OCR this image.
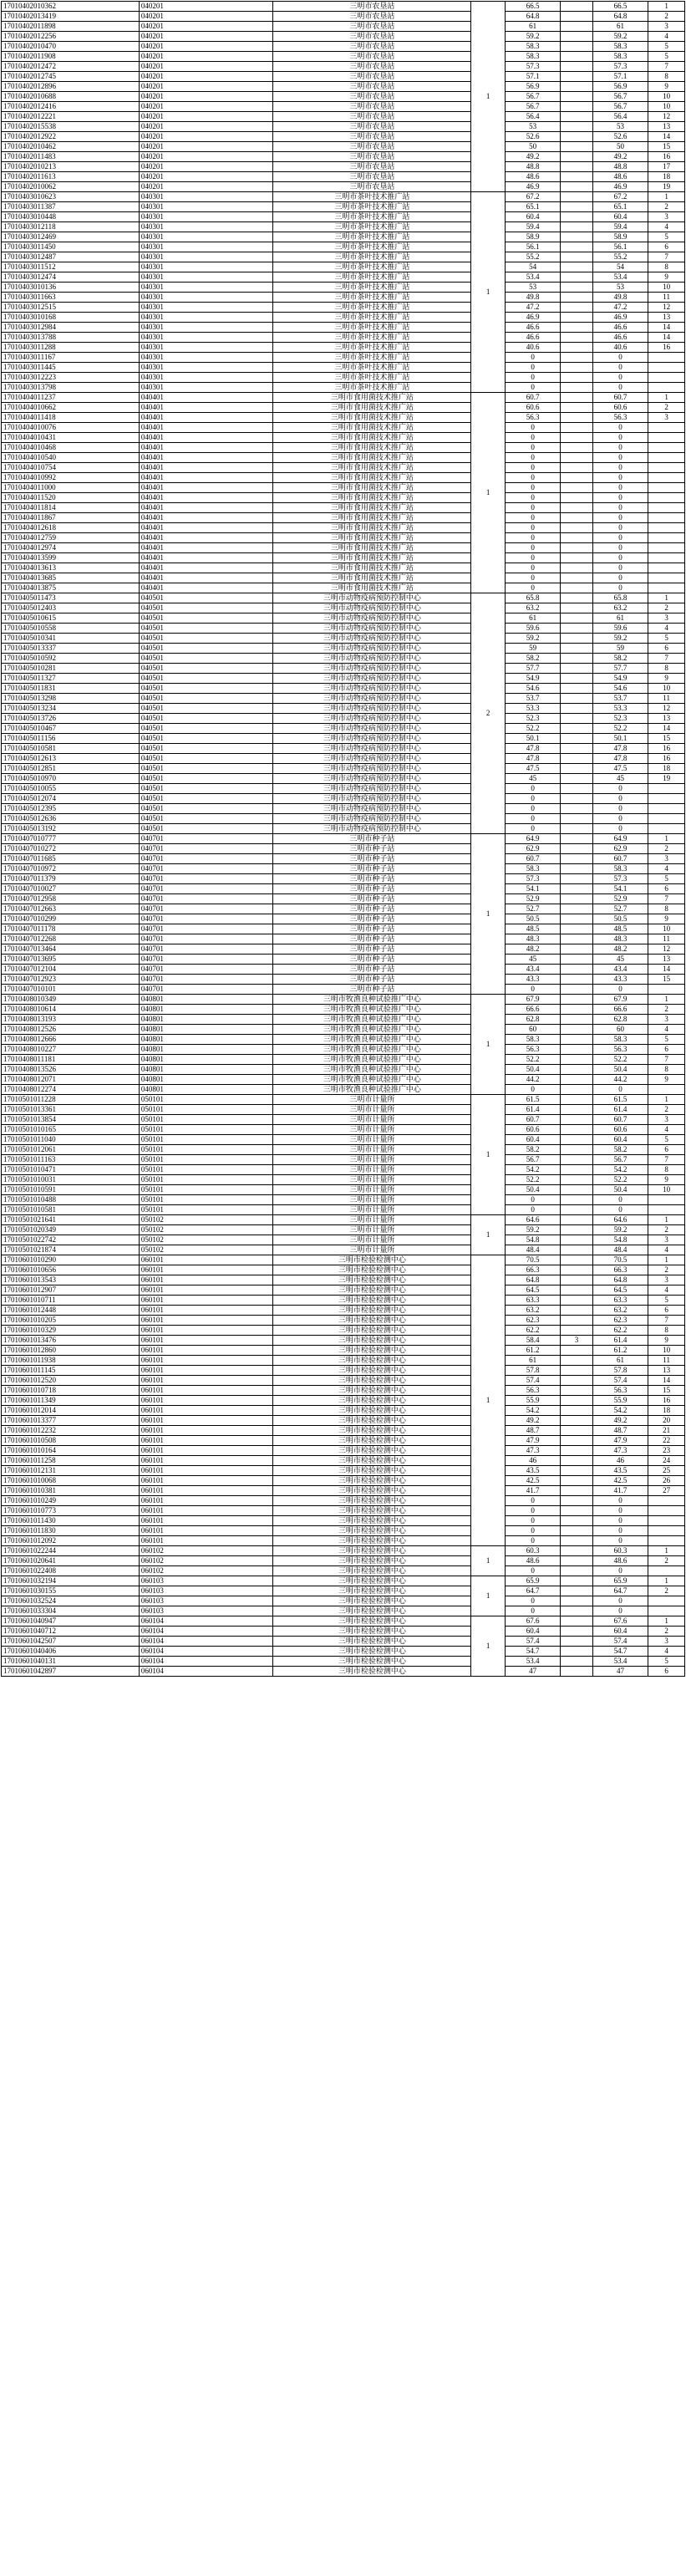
17010402010362	040201	三明市农垦站	1	66.5		66.5	1
17010402013419	040201	三明市农垦站		64.8		64.8	2
17010402011898	040201	三明市农垦站		61		61	3
17010402012256	040201	三明市农垦站		59.2		59.2	4
17010402010470	040201	三明市农垦站		58.3		58.3	5
17010402011908	040201	三明市农垦站		58.3		58.3	5
17010402012472	040201	三明市农垦站		57.3		57.3	7
17010402012745	040201	三明市农垦站		57.1		57.1	8
17010402012896	040201	三明市农垦站		56.9		56.9	9
17010402010688	040201	三明市农垦站		56.7		56.7	10
17010402012416	040201	三明市农垦站		56.7		56.7	10
17010402012221	040201	三明市农垦站		56.4		56.4	12
17010402015538	040201	三明市农垦站		53		53	13
17010402012922	040201	三明市农垦站		52.6		52.6	14
17010402010462	040201	三明市农垦站		50		50	15
17010402011483	040201	三明市农垦站		49.2		49.2	16
17010402010213	040201	三明市农垦站		48.8		48.8	17
17010402011613	040201	三明市农垦站		48.6		48.6	18
17010402010062	040201	三明市农垦站		46.9		46.9	19
17010403010623	040301	三明市茶叶技术推广站	1	67.2		67.2	1
17010403011387	040301	三明市茶叶技术推广站		65.1		65.1	2
17010403010448	040301	三明市茶叶技术推广站		60.4		60.4	3
17010403012118	040301	三明市茶叶技术推广站		59.4		59.4	4
17010403012469	040301	三明市茶叶技术推广站		58.9		58.9	5
17010403011450	040301	三明市茶叶技术推广站		56.1		56.1	6
17010403012487	040301	三明市茶叶技术推广站		55.2		55.2	7
17010403011512	040301	三明市茶叶技术推广站		54		54	8
17010403012474	040301	三明市茶叶技术推广站		53.4		53.4	9
17010403010136	040301	三明市茶叶技术推广站		53		53	10
17010403011663	040301	三明市茶叶技术推广站		49.8		49.8	11
17010403012515	040301	三明市茶叶技术推广站		47.2		47.2	12
17010403010168	040301	三明市茶叶技术推广站		46.9		46.9	13
17010403012984	040301	三明市茶叶技术推广站		46.6		46.6	14
17010403013788	040301	三明市茶叶技术推广站		46.6		46.6	14
17010403011288	040301	三明市茶叶技术推广站		40.6		40.6	16
17010403011167	040301	三明市茶叶技术推广站		0		0	
17010403011445	040301	三明市茶叶技术推广站		0		0	
17010403012223	040301	三明市茶叶技术推广站		0		0	
17010403013798	040301	三明市茶叶技术推广站		0		0	
17010404011237	040401	三明市食用菌技术推广站	1	60.7		60.7	1
17010404010662	040401	三明市食用菌技术推广站		60.6		60.6	2
17010404011418	040401	三明市食用菌技术推广站		56.3		56.3	3
17010404010076	040401	三明市食用菌技术推广站		0		0	
17010404010431	040401	三明市食用菌技术推广站		0		0	
17010404010468	040401	三明市食用菌技术推广站		0		0	
17010404010540	040401	三明市食用菌技术推广站		0		0	
17010404010754	040401	三明市食用菌技术推广站		0		0	
17010404010992	040401	三明市食用菌技术推广站		0		0	
17010404011000	040401	三明市食用菌技术推广站		0		0	
17010404011520	040401	三明市食用菌技术推广站		0		0	
17010404011814	040401	三明市食用菌技术推广站		0		0	
17010404011867	040401	三明市食用菌技术推广站		0		0	
17010404012618	040401	三明市食用菌技术推广站		0		0	
17010404012759	040401	三明市食用菌技术推广站		0		0	
17010404012974	040401	三明市食用菌技术推广站		0		0	
17010404013599	040401	三明市食用菌技术推广站		0		0	
17010404013613	040401	三明市食用菌技术推广站		0		0	
17010404013685	040401	三明市食用菌技术推广站		0		0	
17010404013875	040401	三明市食用菌技术推广站		0		0	
17010405011473	040501	三明市动物疫病预防控制中心	2	65.8		65.8	1
17010405012403	040501	三明市动物疫病预防控制中心		63.2		63.2	2
17010405010615	040501	三明市动物疫病预防控制中心		61		61	3
17010405010558	040501	三明市动物疫病预防控制中心		59.6		59.6	4
17010405010341	040501	三明市动物疫病预防控制中心		59.2		59.2	5
17010405013337	040501	三明市动物疫病预防控制中心		59		59	6
17010405010592	040501	三明市动物疫病预防控制中心		58.2		58.2	7
17010405010281	040501	三明市动物疫病预防控制中心		57.7		57.7	8
17010405011327	040501	三明市动物疫病预防控制中心		54.9		54.9	9
17010405011831	040501	三明市动物疫病预防控制中心		54.6		54.6	10
17010405013298	040501	三明市动物疫病预防控制中心		53.7		53.7	11
17010405013234	040501	三明市动物疫病预防控制中心		53.3		53.3	12
17010405013726	040501	三明市动物疫病预防控制中心		52.3		52.3	13
17010405010467	040501	三明市动物疫病预防控制中心		52.2		52.2	14
17010405011156	040501	三明市动物疫病预防控制中心		50.1		50.1	15
17010405010581	040501	三明市动物疫病预防控制中心		47.8		47.8	16
17010405012613	040501	三明市动物疫病预防控制中心		47.8		47.8	16
17010405012851	040501	三明市动物疫病预防控制中心		47.5		47.5	18
17010405010970	040501	三明市动物疫病预防控制中心		45		45	19
17010405010055	040501	三明市动物疫病预防控制中心		0		0	
17010405012074	040501	三明市动物疫病预防控制中心		0		0	
17010405012395	040501	三明市动物疫病预防控制中心		0		0	
17010405012636	040501	三明市动物疫病预防控制中心		0		0	
17010405013192	040501	三明市动物疫病预防控制中心		0		0	
17010407010777	040701	三明市种子站	1	64.9		64.9	1
17010407010272	040701	三明市种子站		62.9		62.9	2
17010407011685	040701	三明市种子站		60.7		60.7	3
17010407010972	040701	三明市种子站		58.3		58.3	4
17010407011379	040701	三明市种子站		57.3		57.3	5
17010407010027	040701	三明市种子站		54.1		54.1	6
17010407012958	040701	三明市种子站		52.9		52.9	7
17010407012663	040701	三明市种子站		52.7		52.7	8
17010407010299	040701	三明市种子站		50.5		50.5	9
17010407011178	040701	三明市种子站		48.5		48.5	10
17010407012268	040701	三明市种子站		48.3		48.3	11
17010407013464	040701	三明市种子站		48.2		48.2	12
17010407013695	040701	三明市种子站		45		45	13
17010407012104	040701	三明市种子站		43.4		43.4	14
17010407012923	040701	三明市种子站		43.3		43.3	15
17010407010101	040701	三明市种子站		0		0	
17010408010349	040801	三明市牧渔良种试验推广中心	1	67.9		67.9	1
17010408010614	040801	三明市牧渔良种试验推广中心		66.6		66.6	2
17010408013193	040801	三明市牧渔良种试验推广中心		62.8		62.8	3
17010408012526	040801	三明市牧渔良种试验推广中心		60		60	4
17010408012666	040801	三明市牧渔良种试验推广中心		58.3		58.3	5
17010408010227	040801	三明市牧渔良种试验推广中心		56.3		56.3	6
17010408011181	040801	三明市牧渔良种试验推广中心		52.2		52.2	7
17010408013526	040801	三明市牧渔良种试验推广中心		50.4		50.4	8
17010408012071	040801	三明市牧渔良种试验推广中心		44.2		44.2	9
17010408012274	040801	三明市牧渔良种试验推广中心		0		0	
17010501011228	050101	三明市计量所	1	61.5		61.5	1
17010501013361	050101	三明市计量所		61.4		61.4	2
17010501013854	050101	三明市计量所		60.7		60.7	3
17010501010165	050101	三明市计量所		60.6		60.6	4
17010501011040	050101	三明市计量所		60.4		60.4	5
17010501012061	050101	三明市计量所		58.2		58.2	6
17010501011163	050101	三明市计量所		56.7		56.7	7
17010501010471	050101	三明市计量所		54.2		54.2	8
17010501010031	050101	三明市计量所		52.2		52.2	9
17010501010591	050101	三明市计量所		50.4		50.4	10
17010501010488	050101	三明市计量所		0		0	
17010501010581	050101	三明市计量所		0		0	
17010501021641	050102	三明市计量所	1	64.6		64.6	1
17010501020349	050102	三明市计量所		59.2		59.2	2
17010501022742	050102	三明市计量所		54.8		54.8	3
17010501021874	050102	三明市计量所		48.4		48.4	4
17010601010290	060101	三明市检验检测中心	1	70.5		70.5	1
17010601010656	060101	三明市检验检测中心		66.3		66.3	2
17010601013543	060101	三明市检验检测中心		64.8		64.8	3
17010601012907	060101	三明市检验检测中心		64.5		64.5	4
17010601010711	060101	三明市检验检测中心		63.3		63.3	5
17010601012448	060101	三明市检验检测中心		63.2		63.2	6
17010601010205	060101	三明市检验检测中心		62.3		62.3	7
17010601010329	060101	三明市检验检测中心		62.2		62.2	8
17010601013476	060101	三明市检验检测中心		58.4	3	61.4	9
17010601012860	060101	三明市检验检测中心		61.2		61.2	10
17010601011938	060101	三明市检验检测中心		61		61	11
17010601011145	060101	三明市检验检测中心		57.8		57.8	13
17010601012520	060101	三明市检验检测中心		57.4		57.4	14
17010601010718	060101	三明市检验检测中心		56.3		56.3	15
17010601011349	060101	三明市检验检测中心		55.9		55.9	16
17010601012014	060101	三明市检验检测中心		54.2		54.2	18
17010601013377	060101	三明市检验检测中心		49.2		49.2	20
17010601012232	060101	三明市检验检测中心		48.7		48.7	21
17010601010508	060101	三明市检验检测中心		47.9		47.9	22
17010601010164	060101	三明市检验检测中心		47.3		47.3	23
17010601011258	060101	三明市检验检测中心		46		46	24
17010601012131	060101	三明市检验检测中心		43.5		43.5	25
17010601010068	060101	三明市检验检测中心		42.5		42.5	26
17010601010381	060101	三明市检验检测中心		41.7		41.7	27
17010601010249	060101	三明市检验检测中心		0		0	
17010601010773	060101	三明市检验检测中心		0		0	
17010601011430	060101	三明市检验检测中心		0		0	
17010601011830	060101	三明市检验检测中心		0		0	
17010601012092	060101	三明市检验检测中心		0		0	
17010601022244	060102	三明市检验检测中心	1	60.3		60.3	1
17010601020641	060102	三明市检验检测中心		48.6		48.6	2
17010601022408	060102	三明市检验检测中心		0		0	
17010601032194	060103	三明市检验检测中心	1	65.9		65.9	1
17010601030155	060103	三明市检验检测中心		64.7		64.7	2
17010601032524	060103	三明市检验检测中心		0		0	
17010601033304	060103	三明市检验检测中心		0		0	
17010601040947	060104	三明市检验检测中心	1	67.6		67.6	1
17010601040712	060104	三明市检验检测中心		60.4		60.4	2
17010601042507	060104	三明市检验检测中心		57.4		57.4	3
17010601040406	060104	三明市检验检测中心		54.7		54.7	4
17010601040131	060104	三明市检验检测中心		53.4		53.4	5
17010601042897	060104	三明市检验检测中心		47		47	6
